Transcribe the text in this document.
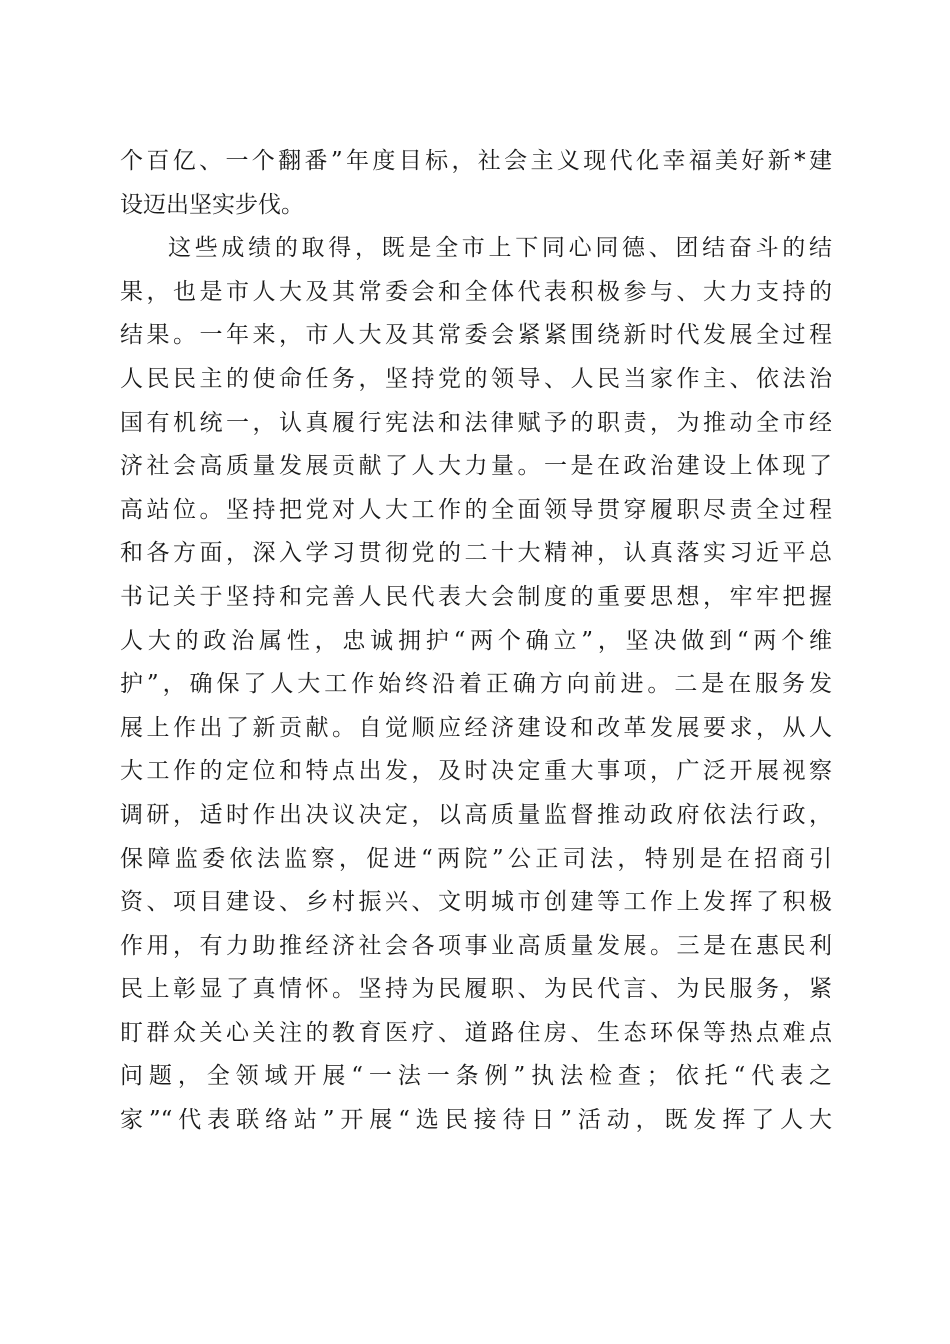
个百亿、一个翻番”年度目标，社会主义现代化幸福美好新*建
设迈出坚实步伐。
这些成绩的取得，既是全市上下同心同德、团结奋斗的结
果，也是市人大及其常委会和全体代表积极参与、大力支持的
结果。一年来，市人大及其常委会紧紧围绕新时代发展全过程
人民民主的使命任务，坚持党的领导、人民当家作主、依法治
国有机统一，认真履行宪法和法律赋予的职责，为推动全市经
济社会高质量发展贡献了人大力量。一是在政治建设上体现了
高站位。坚持把党对人大工作的全面领导贯穿履职尽责全过程
和各方面，深入学习贯彻党的二十大精神，认真落实习近平总
书记关于坚持和完善人民代表大会制度的重要思想，牢牢把握
人大的政治属性，忠诚拥护“两个确立”，坚决做到“两个维
护”，确保了人大工作始终沿着正确方向前进。二是在服务发
展上作出了新贡献。自觉顺应经济建设和改革发展要求，从人
大工作的定位和特点出发，及时决定重大事项，广泛开展视察
调研，适时作出决议决定，以高质量监督推动政府依法行政，
保障监委依法监察，促进“两院”公正司法，特别是在招商引
资、项目建设、乡村振兴、文明城市创建等工作上发挥了积极
作用，有力助推经济社会各项事业高质量发展。三是在惠民利
民上彰显了真情怀。坚持为民履职、为民代言、为民服务，紧
盯群众关心关注的教育医疗、道路住房、生态环保等热点难点
问题，全领域开展“一法一条例”执法检查；依托“代表之
家”“代表联络站”开展“选民接待日”活动，既发挥了人大
